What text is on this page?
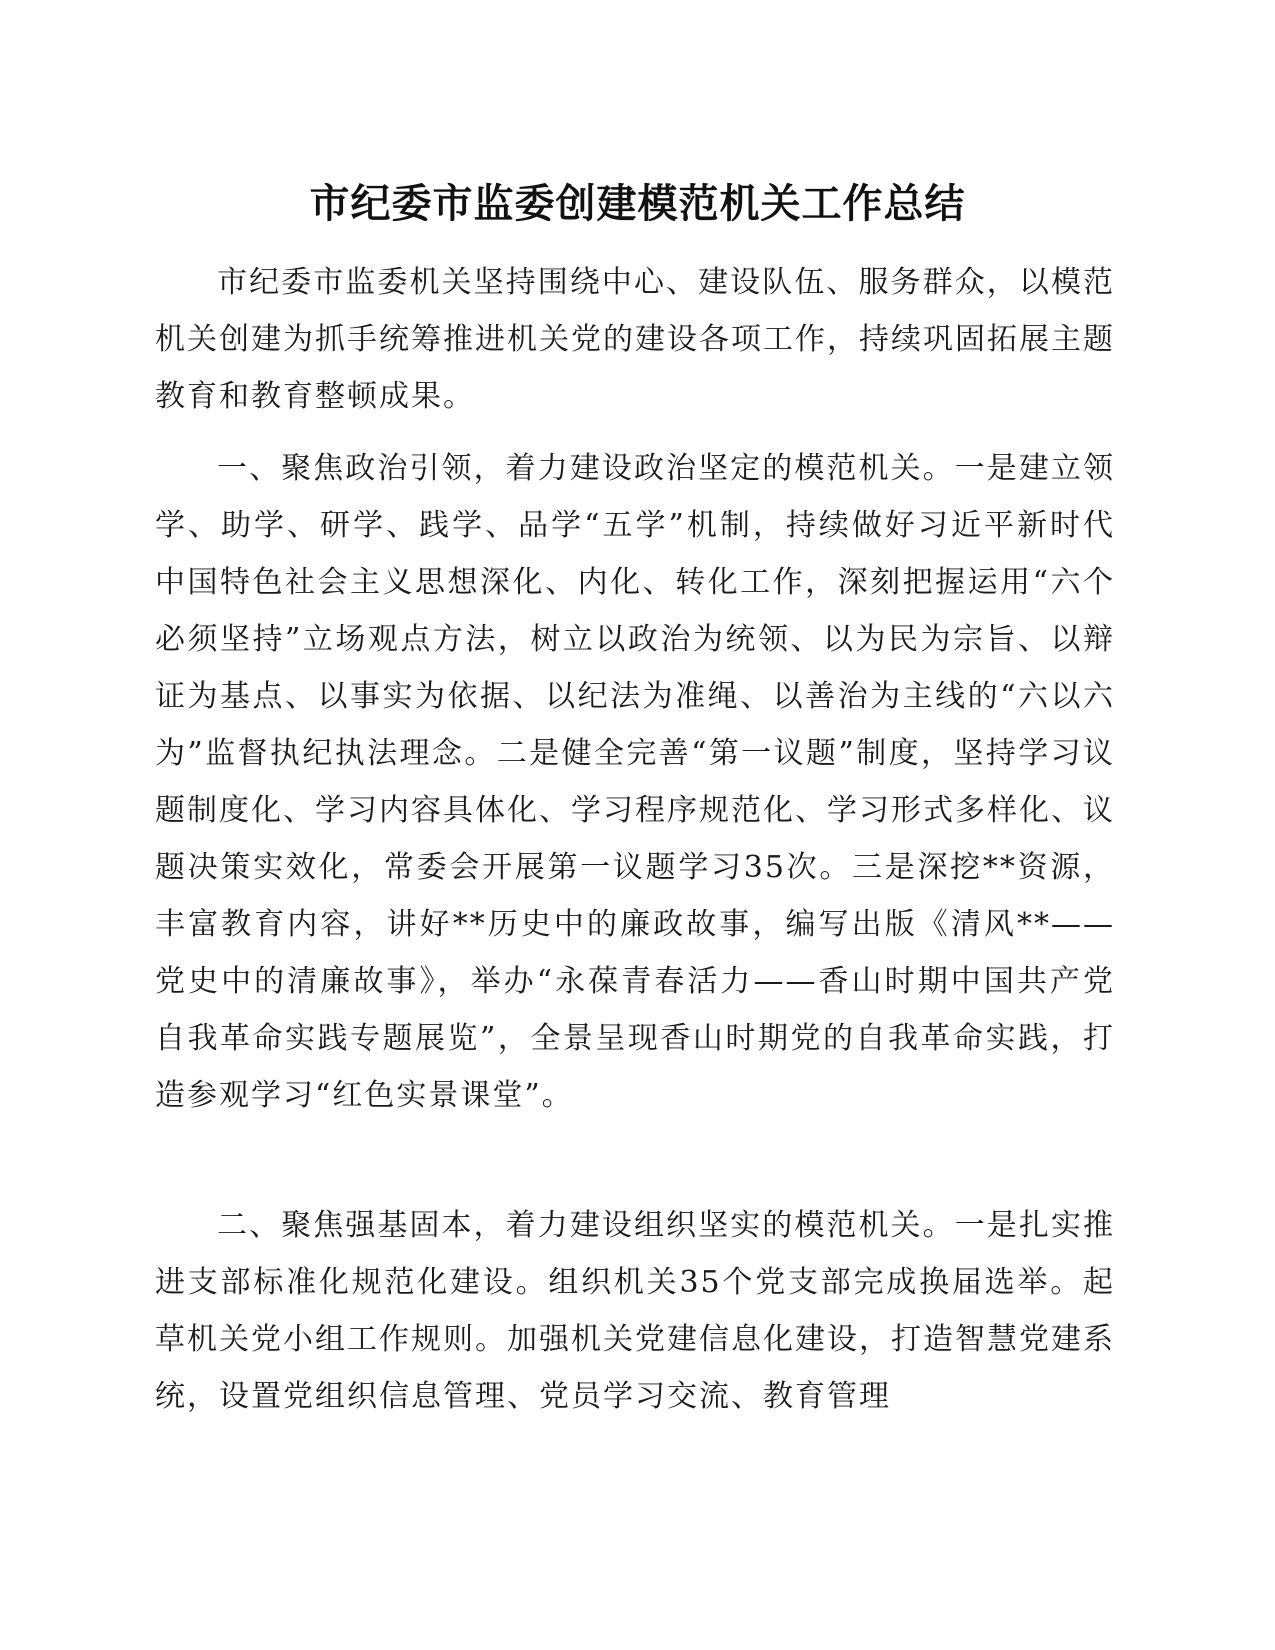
市纪委市监委创建模范机关工作总结

市纪委市监委机关坚持围绕中心、建设队伍、服务群众，以模范机关创建为抓手统筹推进机关党的建设各项工作，持续巩固拓展主题教育和教育整顿成果。

一、聚焦政治引领，着力建设政治坚定的模范机关。一是建立领学、助学、研学、践学、品学“五学”机制，持续做好习近平新时代中国特色社会主义思想深化、内化、转化工作，深刻把握运用“六个必须坚持”立场观点方法，树立以政治为统领、以为民为宗旨、以辩证为基点、以事实为依据、以纪法为准绳、以善治为主线的“六以六为”监督执纪执法理念。二是健全完善“第一议题”制度，坚持学习议题制度化、学习内容具体化、学习程序规范化、学习形式多样化、议题决策实效化，常委会开展第一议题学习35次。三是深挖**资源，丰富教育内容，讲好**历史中的廉政故事，编写出版《清风**——党史中的清廉故事》，举办“永葆青春活力——香山时期中国共产党自我革命实践专题展览”，全景呈现香山时期党的自我革命实践，打造参观学习“红色实景课堂”。

二、聚焦强基固本，着力建设组织坚实的模范机关。一是扎实推进支部标准化规范化建设。组织机关35个党支部完成换届选举。起草机关党小组工作规则。加强机关党建信息化建设，打造智慧党建系统，设置党组织信息管理、党员学习交流、教育管理
